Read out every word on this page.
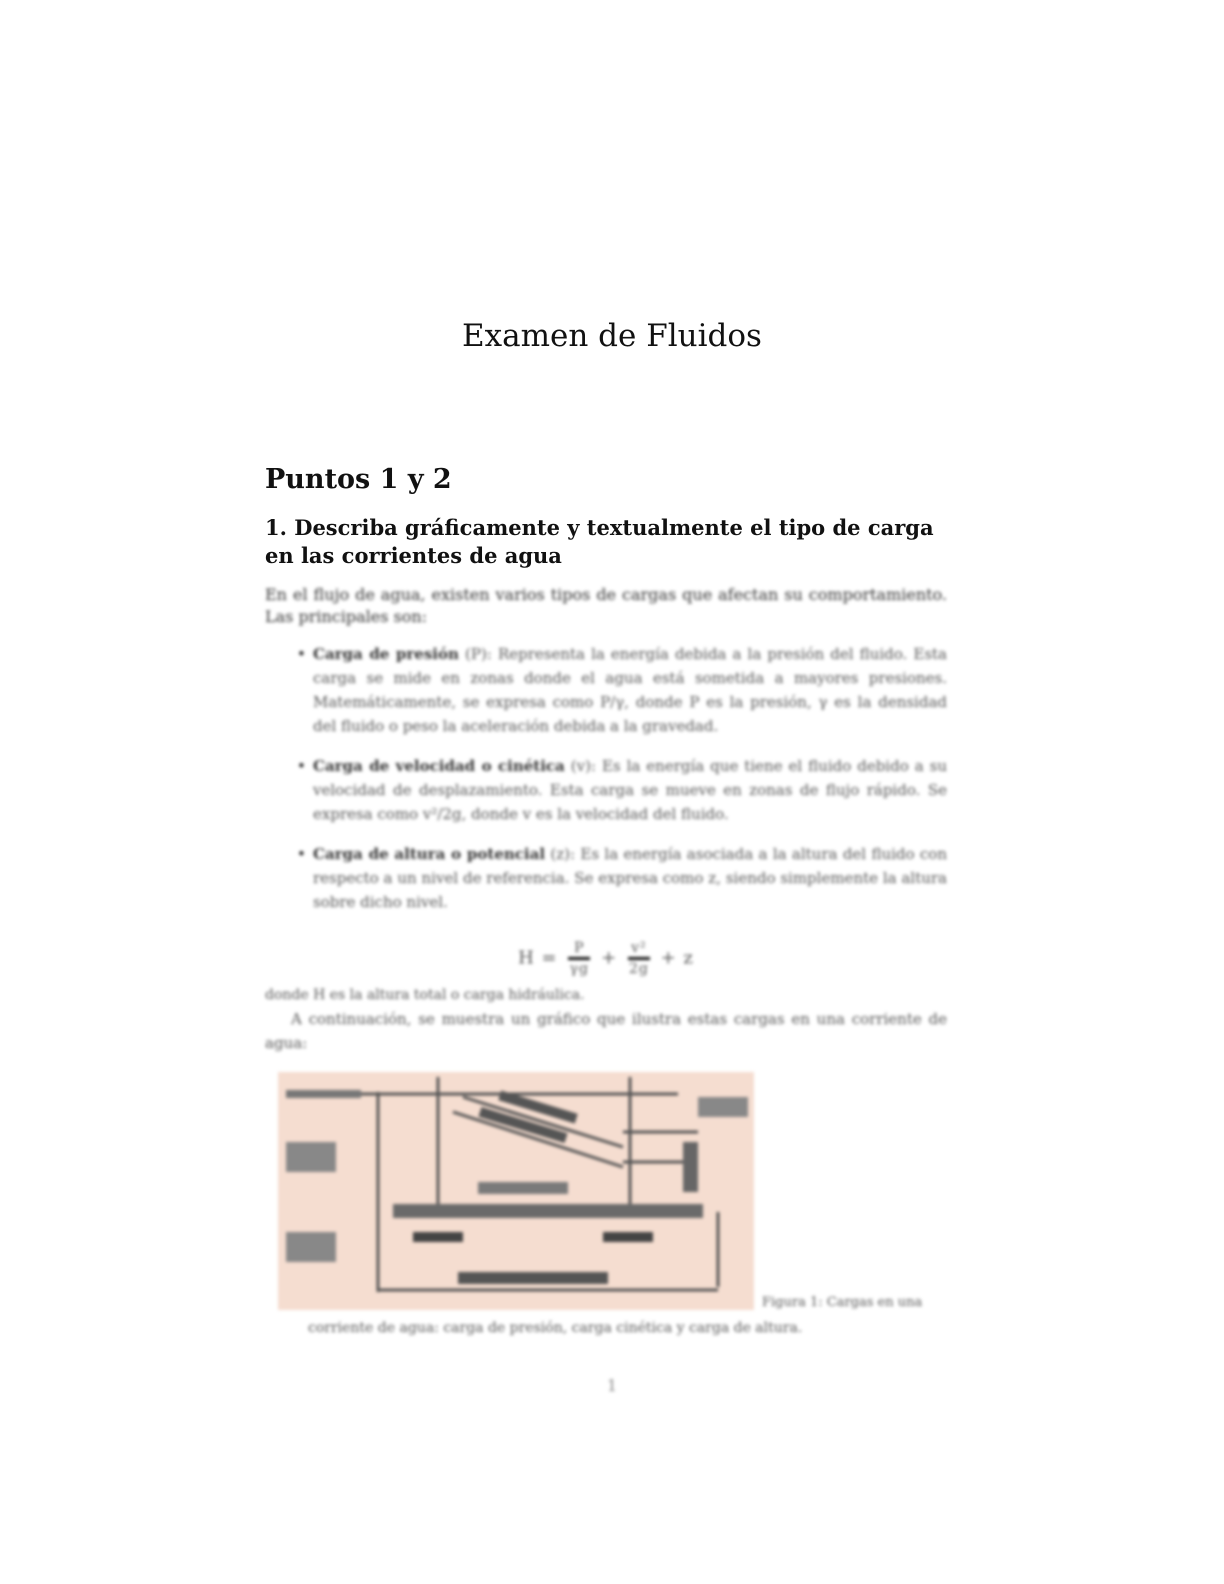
Examen de Fluidos
Puntos 1 y 2
1. Describa gráficamente y textualmente el tipo de carga en las corrientes de agua

En el flujo de agua, existen varios tipos de cargas que afectan su comportamiento. Las principales son:

• Carga de presión (P): Representa la energía debida a la presión del fluido. Esta carga se mide en zonas donde el agua está sometida a mayores presiones. Matemáticamente, se expresa como P/γ, donde P es la presión, γ es la densidad del fluido o peso la aceleración debida a la gravedad.
• Carga de velocidad o cinética (v): Es la energía que tiene el fluido debido a su velocidad de desplazamiento. Esta carga se mueve en zonas de flujo rápido. Se expresa como v²/2g, donde v es la velocidad del fluido.
• Carga de altura o potencial (z): Es la energía asociada a la altura del fluido con respecto a un nivel de referencia. Se expresa como z, siendo simplemente la altura sobre dicho nivel.
$H = \frac{P}{\gamma g} + \frac{\text{v²}}{2g} + z$

donde H es la altura total o carga hidráulica.

A continuación, se muestra un gráfico que ilustra estas cargas en una corriente de agua:

Figura 1: Cargas en una
corriente de agua: carga de presión, carga cinética y carga de altura.
1
